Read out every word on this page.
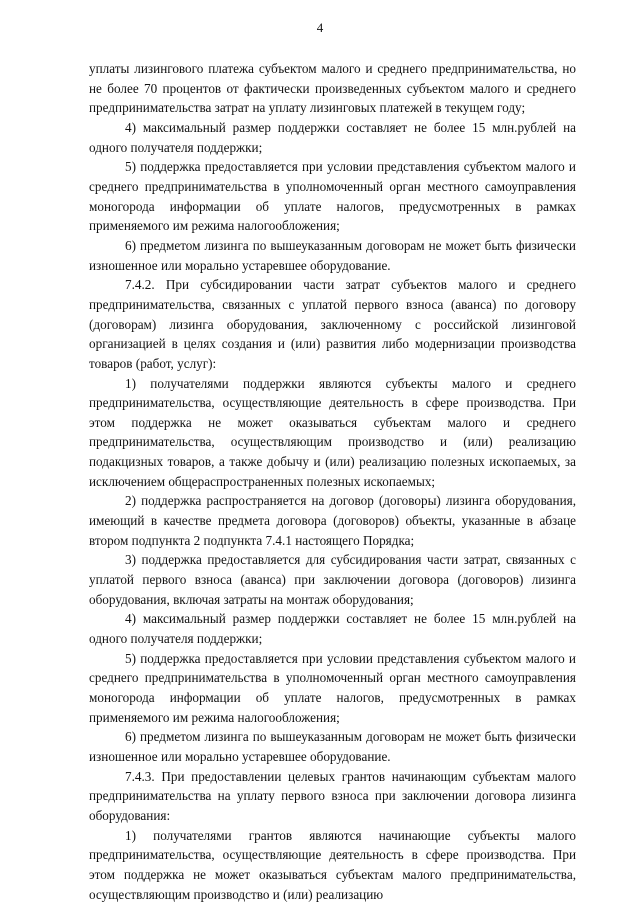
4

уплаты лизингового платежа субъектом малого и среднего предпринимательства, но не более 70 процентов от фактически произведенных субъектом малого и среднего предпринимательства затрат на уплату лизинговых платежей в текущем году;

4) максимальный размер поддержки составляет не более 15 млн.рублей на одного получателя поддержки;

5) поддержка предоставляется при условии представления субъектом малого и среднего предпринимательства в уполномоченный орган местного самоуправления моногорода информации об уплате налогов, предусмотренных в рамках применяемого им режима налогообложения;

6) предметом лизинга по вышеуказанным договорам не может быть физически изношенное или морально устаревшее оборудование.

7.4.2. При субсидировании части затрат субъектов малого и среднего предпринимательства, связанных с уплатой первого взноса (аванса) по договору (договорам) лизинга оборудования, заключенному с российской лизинговой организацией в целях создания и (или) развития либо модернизации производства товаров (работ, услуг):

1) получателями поддержки являются субъекты малого и среднего предпринимательства, осуществляющие деятельность в сфере производства. При этом поддержка не может оказываться субъектам малого и среднего предпринимательства, осуществляющим производство и (или) реализацию подакцизных товаров, а также добычу и (или) реализацию полезных ископаемых, за исключением общераспространенных полезных ископаемых;

2) поддержка распространяется на договор (договоры) лизинга оборудования, имеющий в качестве предмета договора (договоров) объекты, указанные в абзаце втором подпункта 2 подпункта 7.4.1 настоящего Порядка;

3) поддержка предоставляется для субсидирования части затрат, связанных с уплатой первого взноса (аванса) при заключении договора (договоров) лизинга оборудования, включая затраты на монтаж оборудования;

4) максимальный размер поддержки составляет не более 15 млн.рублей на одного получателя поддержки;

5) поддержка предоставляется при условии представления субъектом малого и среднего предпринимательства в уполномоченный орган местного самоуправления моногорода информации об уплате налогов, предусмотренных в рамках применяемого им режима налогообложения;

6) предметом лизинга по вышеуказанным договорам не может быть физически изношенное или морально устаревшее оборудование.

7.4.3. При предоставлении целевых грантов начинающим субъектам малого предпринимательства на уплату первого взноса при заключении договора лизинга оборудования:

1) получателями грантов являются начинающие субъекты малого предпринимательства, осуществляющие деятельность в сфере производства. При этом поддержка не может оказываться субъектам малого предпринимательства, осуществляющим производство и (или) реализацию
